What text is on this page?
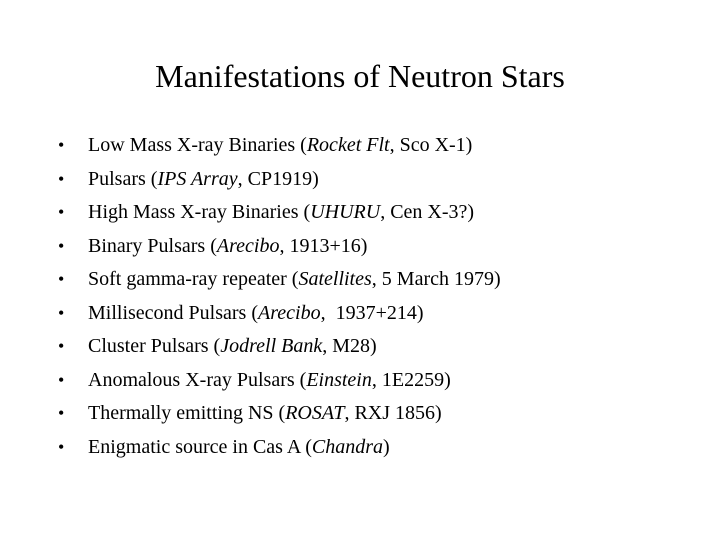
Manifestations of Neutron Stars
• Low Mass X-ray Binaries (Rocket Flt, Sco X-1)
• Pulsars (IPS Array, CP1919)
• High Mass X-ray Binaries (UHURU, Cen X-3?)
• Binary Pulsars (Arecibo, 1913+16)
• Soft gamma-ray repeater (Satellites, 5 March 1979)
• Millisecond Pulsars (Arecibo,  1937+214)
• Cluster Pulsars (Jodrell Bank, M28)
• Anomalous X-ray Pulsars (Einstein, 1E2259)
• Thermally emitting NS (ROSAT, RXJ 1856)
• Enigmatic source in Cas A (Chandra)
